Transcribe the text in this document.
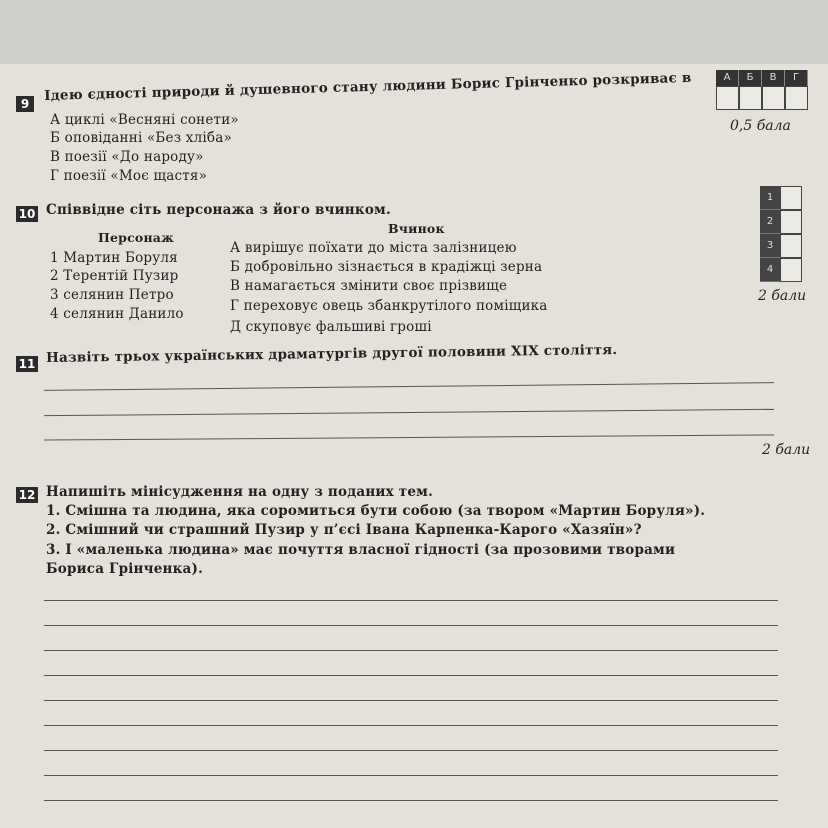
9
Ідею єдності природи й душевного стану людини Борис Грінченко розкриває в
А циклі «Весняні сонети»
Б оповіданні «Без хліба»
В поезії «До народу»
Г поезії «Моє щастя»
А	Б	В	Г
0,5 бала
10 Співвідне сіть персонажа з його вчинком.
Вчинок
Персонаж
1 Мартин Боруля
2 Терентій Пузир
3 селянин Петро
4 селянин Данило
А вирішує поїхати до міста залізницею
Б добровільно зізнається в крадіжці зерна
В намагається змінити своє прізвище
Г переховує овець збанкрутілого поміщика
Д скуповує фальшиві гроші
1
2
3
4
2 бали
11 Назвіть трьох українських драматургів другої половини XIX століття.
2 бали
12 Напишіть мінісудження на одну з поданих тем.
1. Смішна та людина, яка соромиться бути собою (за твором «Мартин Боруля»).
2. Смішний чи страшний Пузир у п’єсі Івана Карпенка-Карого «Хазяїн»?
3. І «маленька людина» має почуття власної гідності (за прозовими творами
Бориса Грінченка).
